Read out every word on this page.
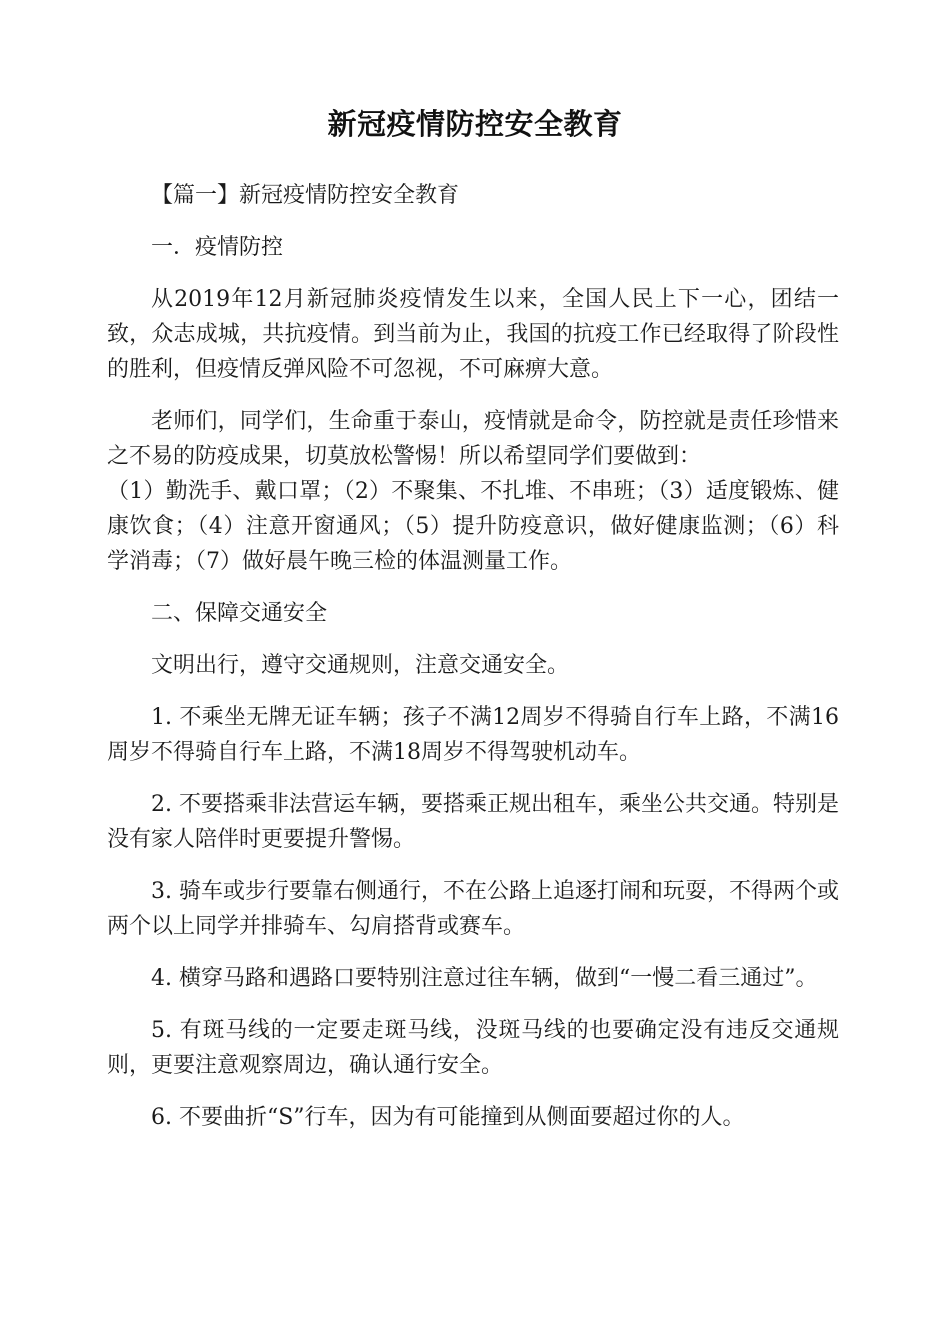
新冠疫情防控安全教育

【篇一】新冠疫情防控安全教育

一．疫情防控

从2019年12月新冠肺炎疫情发生以来，全国人民上下一心，团结一致，众志成城，共抗疫情。到当前为止，我国的抗疫工作已经取得了阶段性的胜利，但疫情反弹风险不可忽视，不可麻痹大意。

老师们，同学们，生命重于泰山，疫情就是命令，防控就是责任珍惜来之不易的防疫成果，切莫放松警惕！所以希望同学们要做到：

（1）勤洗手、戴口罩；（2）不聚集、不扎堆、不串班；（3）适度锻炼、健康饮食；（4）注意开窗通风；（5）提升防疫意识，做好健康监测；（6）科学消毒；（7）做好晨午晚三检的体温测量工作。

二、保障交通安全

文明出行，遵守交通规则，注意交通安全。

1. 不乘坐无牌无证车辆；孩子不满12周岁不得骑自行车上路，不满16周岁不得骑自行车上路，不满18周岁不得驾驶机动车。

2. 不要搭乘非法营运车辆，要搭乘正规出租车，乘坐公共交通。特别是没有家人陪伴时更要提升警惕。

3. 骑车或步行要靠右侧通行，不在公路上追逐打闹和玩耍，不得两个或两个以上同学并排骑车、勾肩搭背或赛车。

4. 横穿马路和遇路口要特别注意过往车辆，做到“一慢二看三通过”。

5. 有斑马线的一定要走斑马线，没斑马线的也要确定没有违反交通规则，更要注意观察周边，确认通行安全。

6. 不要曲折“S”行车，因为有可能撞到从侧面要超过你的人。
